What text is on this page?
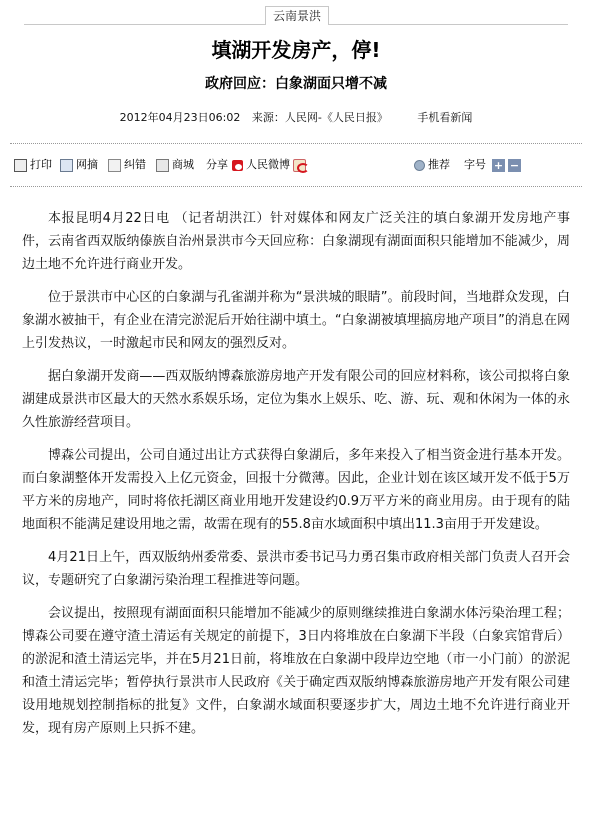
云南景洪
填湖开发房产，停!
政府回应：白象湖面只增不减
2012年04月23日06:02 来源：人民网-《人民日报》	手机看新闻
打印 网摘 纠错 商城 分享 人民微博	推荐 字号 + −

本报昆明4月22日电 （记者胡洪江）针对媒体和网友广泛关注的填白象湖开发房地产事件，云南省西双版纳傣族自治州景洪市今天回应称：白象湖现有湖面面积只能增加不能减少，周边土地不允许进行商业开发。

位于景洪市中心区的白象湖与孔雀湖并称为“景洪城的眼睛”。前段时间，当地群众发现，白象湖水被抽干，有企业在清完淤泥后开始往湖中填土。“白象湖被填埋搞房地产项目”的消息在网上引发热议，一时激起市民和网友的强烈反对。

据白象湖开发商——西双版纳博森旅游房地产开发有限公司的回应材料称，该公司拟将白象湖建成景洪市区最大的天然水系娱乐场，定位为集水上娱乐、吃、游、玩、观和休闲为一体的永久性旅游经营项目。

博森公司提出，公司自通过出让方式获得白象湖后，多年来投入了相当资金进行基本开发。而白象湖整体开发需投入上亿元资金，回报十分微薄。因此，企业计划在该区域开发不低于5万平方米的房地产，同时将依托湖区商业用地开发建设约0.9万平方米的商业用房。由于现有的陆地面积不能满足建设用地之需，故需在现有的55.8亩水域面积中填出11.3亩用于开发建设。

4月21日上午，西双版纳州委常委、景洪市委书记马力勇召集市政府相关部门负责人召开会议，专题研究了白象湖污染治理工程推进等问题。

会议提出，按照现有湖面面积只能增加不能减少的原则继续推进白象湖水体污染治理工程；博森公司要在遵守渣土清运有关规定的前提下，3日内将堆放在白象湖下半段（白象宾馆背后）的淤泥和渣土清运完毕，并在5月21日前，将堆放在白象湖中段岸边空地（市一小门前）的淤泥和渣土清运完毕；暂停执行景洪市人民政府《关于确定西双版纳博森旅游房地产开发有限公司建设用地规划控制指标的批复》文件，白象湖水域面积要逐步扩大，周边土地不允许进行商业开发，现有房产原则上只拆不建。
